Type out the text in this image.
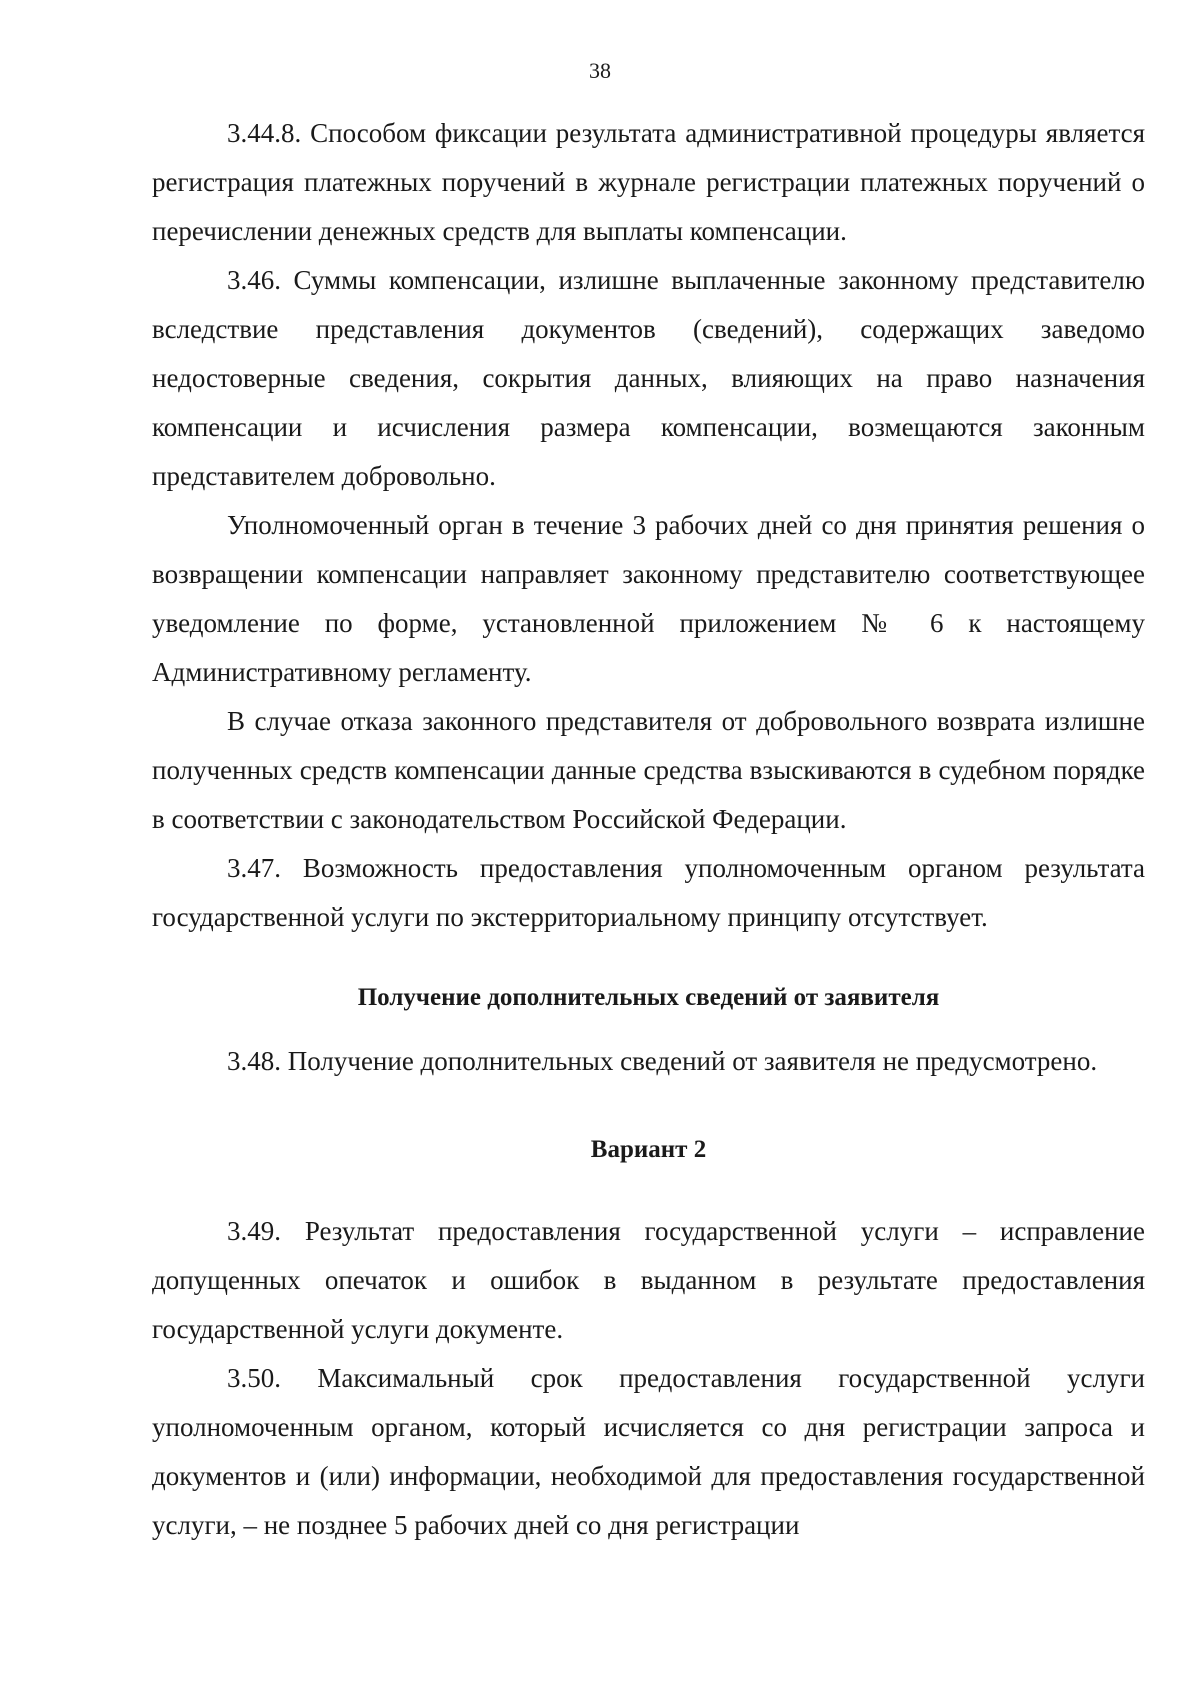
38

3.44.8. Способом фиксации результата административной процедуры является регистрация платежных поручений в журнале регистрации платежных поручений о перечислении денежных средств для выплаты компенсации.

3.46. Суммы компенсации, излишне выплаченные законному представителю вследствие представления документов (сведений), содержащих заведомо недостоверные сведения, сокрытия данных, влияющих на право назначения компенсации и исчисления размера компенсации, возмещаются законным представителем добровольно.

Уполномоченный орган в течение 3 рабочих дней со дня принятия решения о возвращении компенсации направляет законному представителю соответствующее уведомление по форме, установленной приложением № 6 к настоящему Административному регламенту.

В случае отказа законного представителя от добровольного возврата излишне полученных средств компенсации данные средства взыскиваются в судебном порядке в соответствии с законодательством Российской Федерации.

3.47. Возможность предоставления уполномоченным органом результата государственной услуги по экстерриториальному принципу отсутствует.

Получение дополнительных сведений от заявителя

3.48. Получение дополнительных сведений от заявителя не предусмотрено.

Вариант 2

3.49. Результат предоставления государственной услуги – исправление допущенных опечаток и ошибок в выданном в результате предоставления государственной услуги документе.

3.50. Максимальный срок предоставления государственной услуги уполномоченным органом, который исчисляется со дня регистрации запроса и документов и (или) информации, необходимой для предоставления государственной услуги, – не позднее 5 рабочих дней со дня регистрации
